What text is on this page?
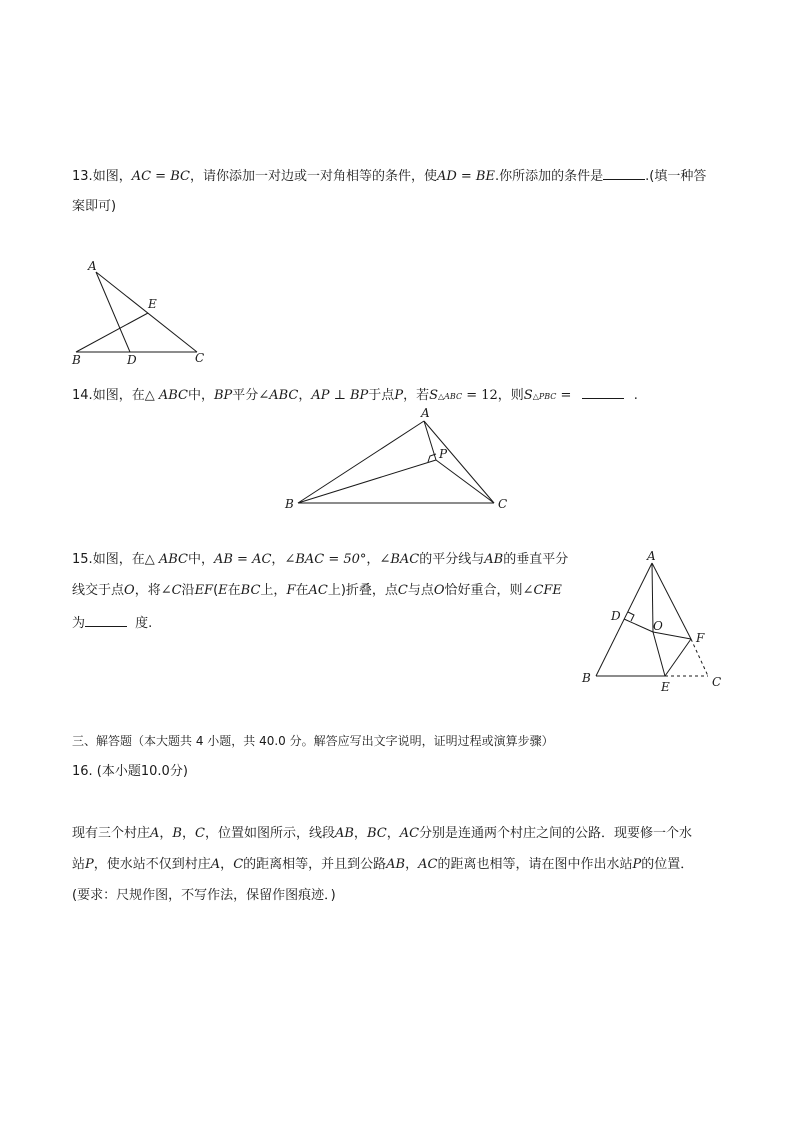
13.如图，AC = BC，请你添加一对边或一对角相等的条件，使AD = BE.你所添加的条件是	.(填一种答
案即可)
A
E
B	D	C
14.如图，在△ ABC中，BP平分∠ABC，AP ⊥ BP于点P，若S△ABC = 12，则S△PBC =	.
A
P
B	C
15.如图，在△ ABC中，AB = AC，∠BAC = 50°，∠BAC的平分线与AB的垂直平分
线交于点O，将∠C沿EF(E在BC上，F在AC上)折叠，点C与点O恰好重合，则∠CFE
为	度.
A
D
O
F
B
E	C
三、解答题（本大题共 4 小题，共 40.0 分。解答应写出文字说明，证明过程或演算步骤）
16. (本小题10.0分)
现有三个村庄A，B，C，位置如图所示，线段AB，BC，AC分别是连通两个村庄之间的公路．现要修一个水
站P，使水站不仅到村庄A，C的距离相等，并且到公路AB，AC的距离也相等，请在图中作出水站P的位置．
(要求：尺规作图，不写作法，保留作图痕迹．)
